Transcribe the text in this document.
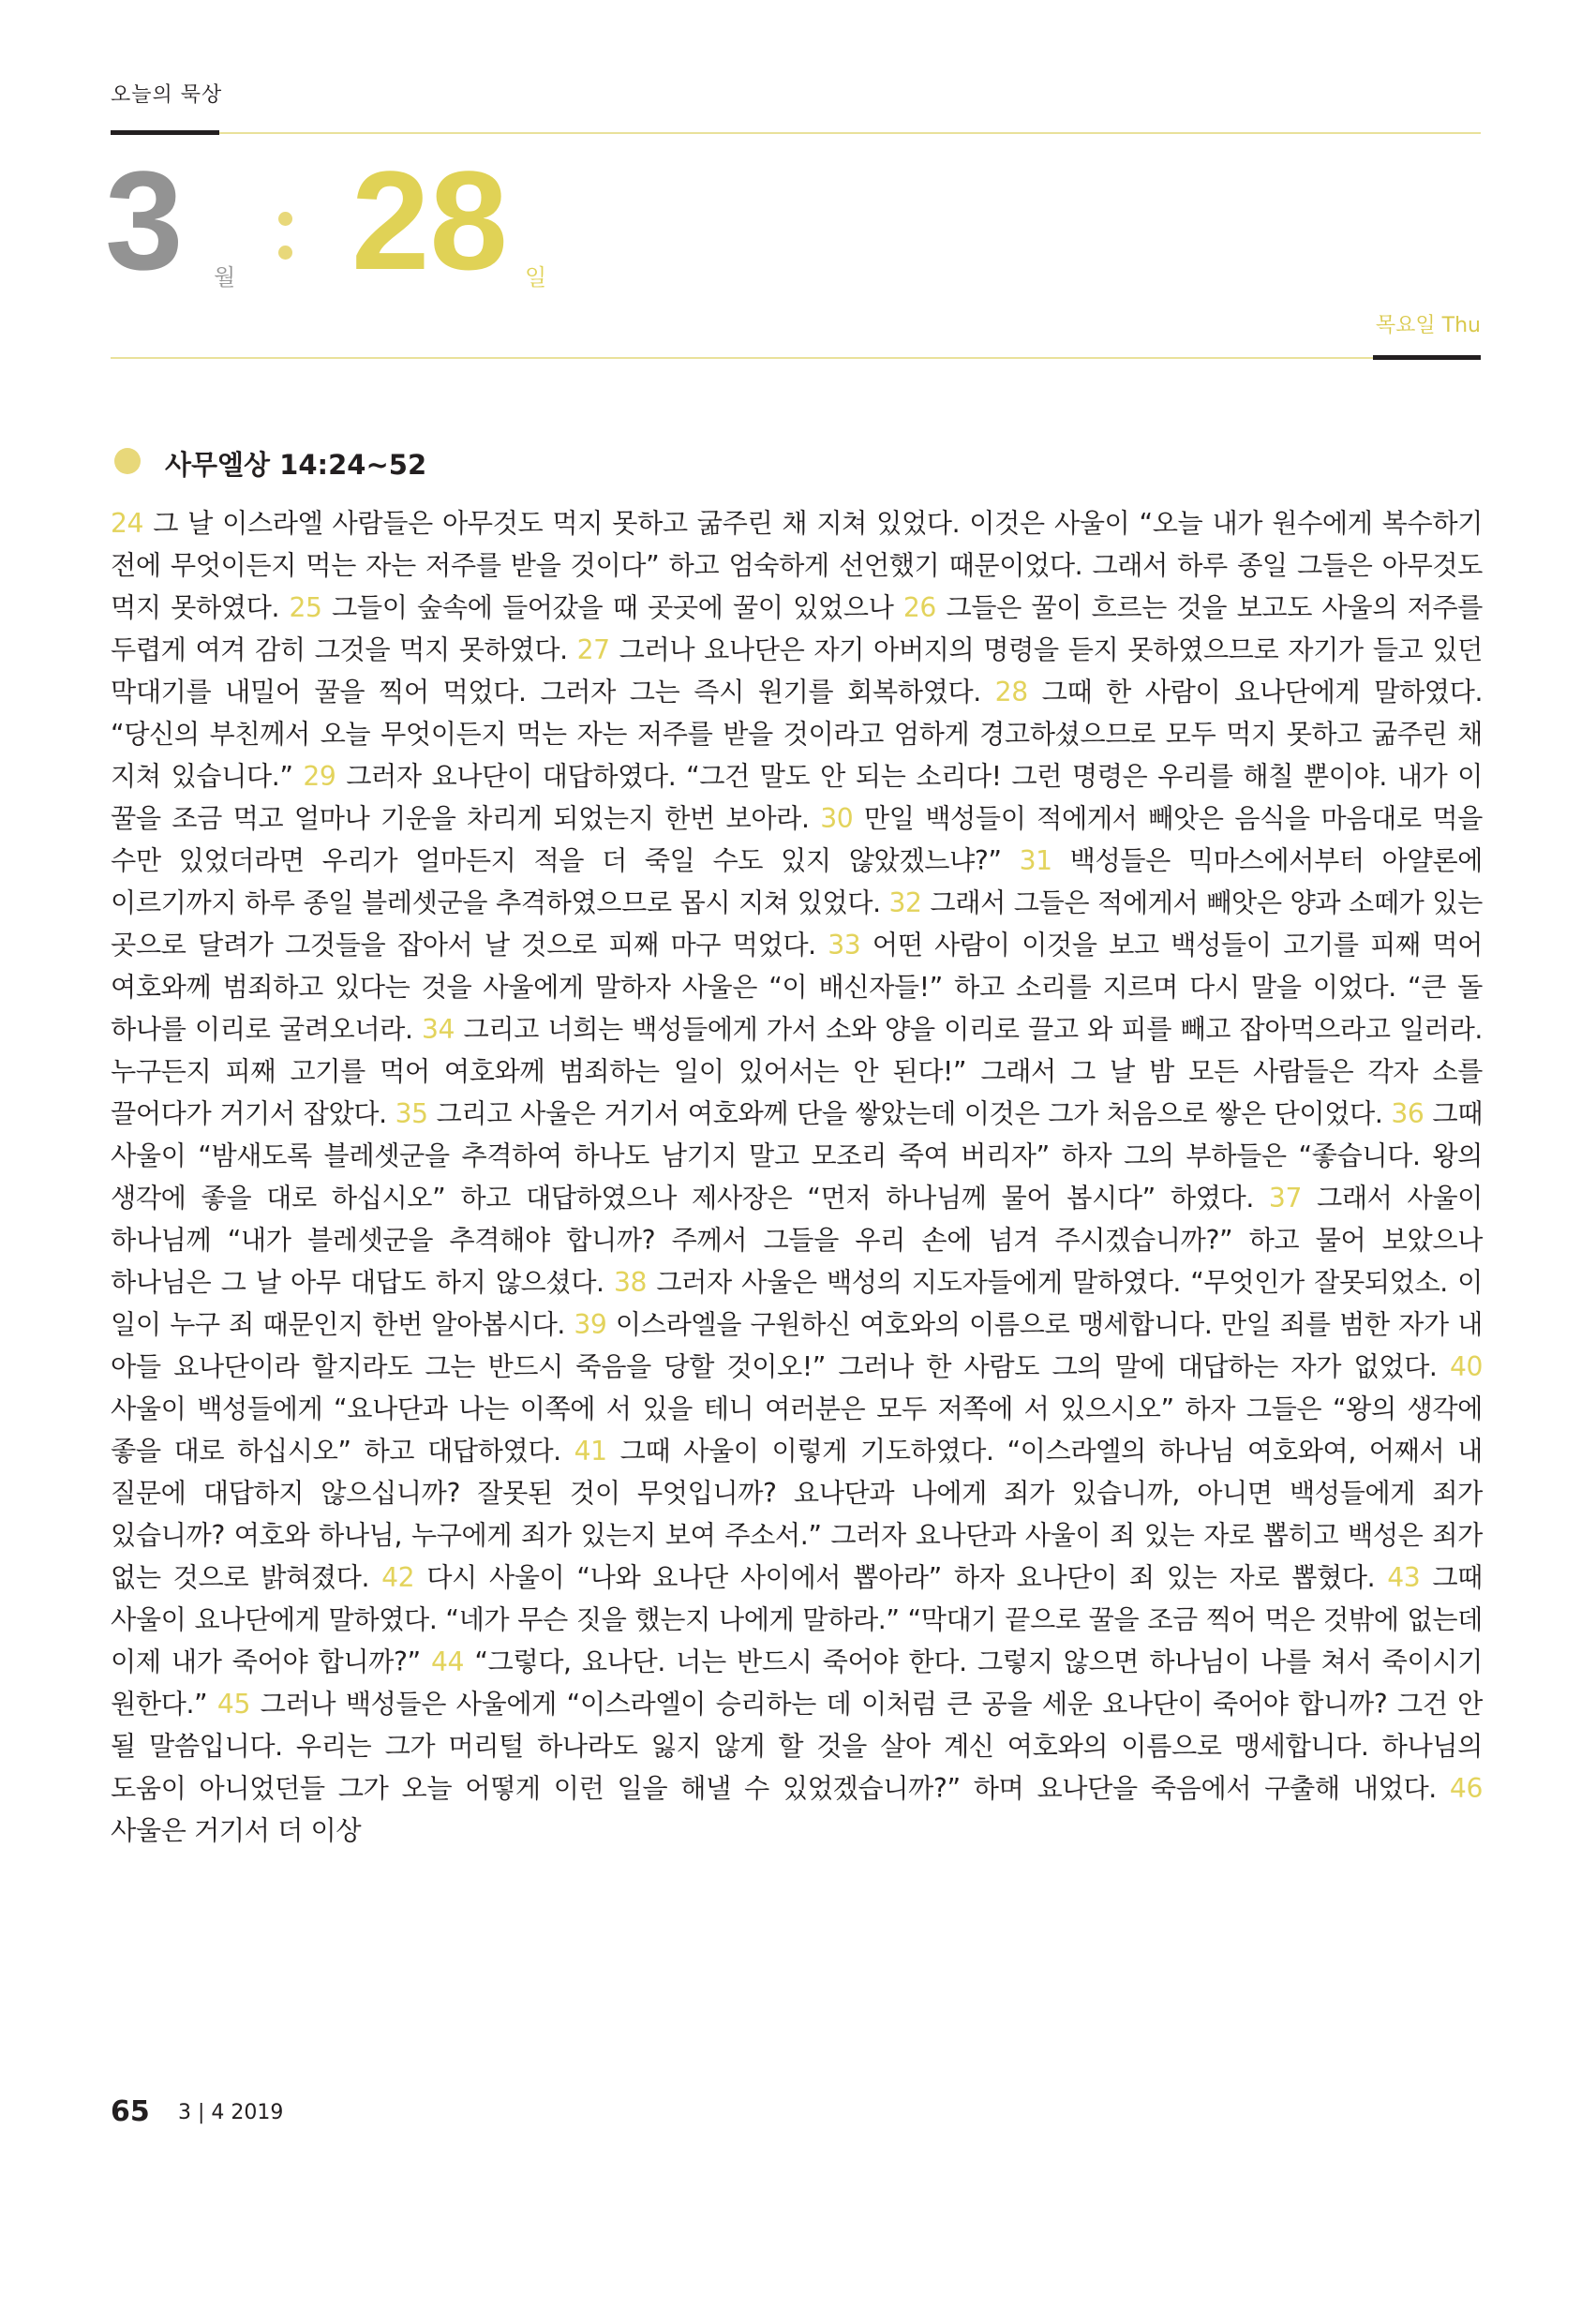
오늘의 묵상
3 월 28 일
목요일 Thu
사무엘상 14:24~52
24 그 날 이스라엘 사람들은 아무것도 먹지 못하고 굶주린 채 지쳐 있었다. 이것은 사울이 “오늘 내가 원수에게 복수하기 전에 무엇이든지 먹는 자는 저주를 받을 것이다” 하고 엄숙하게 선언했기 때문이었다. 그래서 하루 종일 그들은 아무것도 먹지 못하였다. 25 그들이 숲속에 들어갔을 때 곳곳에 꿀이 있었으나 26 그들은 꿀이 흐르는 것을 보고도 사울의 저주를 두렵게 여겨 감히 그것을 먹지 못하였다. 27 그러나 요나단은 자기 아버지의 명령을 듣지 못하였으므로 자기가 들고 있던 막대기를 내밀어 꿀을 찍어 먹었다. 그러자 그는 즉시 원기를 회복하였다. 28 그때 한 사람이 요나단에게 말하였다. “당신의 부친께서 오늘 무엇이든지 먹는 자는 저주를 받을 것이라고 엄하게 경고하셨으므로 모두 먹지 못하고 굶주린 채 지쳐 있습니다.” 29 그러자 요나단이 대답하였다. “그건 말도 안 되는 소리다! 그런 명령은 우리를 해칠 뿐이야. 내가 이 꿀을 조금 먹고 얼마나 기운을 차리게 되었는지 한번 보아라. 30 만일 백성들이 적에게서 빼앗은 음식을 마음대로 먹을 수만 있었더라면 우리가 얼마든지 적을 더 죽일 수도 있지 않았겠느냐?” 31 백성들은 믹마스에서부터 아얄론에 이르기까지 하루 종일 블레셋군을 추격하였으므로 몹시 지쳐 있었다. 32 그래서 그들은 적에게서 빼앗은 양과 소떼가 있는 곳으로 달려가 그것들을 잡아서 날 것으로 피째 마구 먹었다. 33 어떤 사람이 이것을 보고 백성들이 고기를 피째 먹어 여호와께 범죄하고 있다는 것을 사울에게 말하자 사울은 “이 배신자들!” 하고 소리를 지르며 다시 말을 이었다. “큰 돌 하나를 이리로 굴려오너라. 34 그리고 너희는 백성들에게 가서 소와 양을 이리로 끌고 와 피를 빼고 잡아먹으라고 일러라. 누구든지 피째 고기를 먹어 여호와께 범죄하는 일이 있어서는 안 된다!” 그래서 그 날 밤 모든 사람들은 각자 소를 끌어다가 거기서 잡았다. 35 그리고 사울은 거기서 여호와께 단을 쌓았는데 이것은 그가 처음으로 쌓은 단이었다. 36 그때 사울이 “밤새도록 블레셋군을 추격하여 하나도 남기지 말고 모조리 죽여 버리자” 하자 그의 부하들은 “좋습니다. 왕의 생각에 좋을 대로 하십시오” 하고 대답하였으나 제사장은 “먼저 하나님께 물어 봅시다” 하였다. 37 그래서 사울이 하나님께 “내가 블레셋군을 추격해야 합니까? 주께서 그들을 우리 손에 넘겨 주시겠습니까?” 하고 물어 보았으나 하나님은 그 날 아무 대답도 하지 않으셨다. 38 그러자 사울은 백성의 지도자들에게 말하였다. “무엇인가 잘못되었소. 이 일이 누구 죄 때문인지 한번 알아봅시다. 39 이스라엘을 구원하신 여호와의 이름으로 맹세합니다. 만일 죄를 범한 자가 내 아들 요나단이라 할지라도 그는 반드시 죽음을 당할 것이오!” 그러나 한 사람도 그의 말에 대답하는 자가 없었다. 40 사울이 백성들에게 “요나단과 나는 이쪽에 서 있을 테니 여러분은 모두 저쪽에 서 있으시오” 하자 그들은 “왕의 생각에 좋을 대로 하십시오” 하고 대답하였다. 41 그때 사울이 이렇게 기도하였다. “이스라엘의 하나님 여호와여, 어째서 내 질문에 대답하지 않으십니까? 잘못된 것이 무엇입니까? 요나단과 나에게 죄가 있습니까, 아니면 백성들에게 죄가 있습니까? 여호와 하나님, 누구에게 죄가 있는지 보여 주소서.” 그러자 요나단과 사울이 죄 있는 자로 뽑히고 백성은 죄가 없는 것으로 밝혀졌다. 42 다시 사울이 “나와 요나단 사이에서 뽑아라” 하자 요나단이 죄 있는 자로 뽑혔다. 43 그때 사울이 요나단에게 말하였다. “네가 무슨 짓을 했는지 나에게 말하라.” “막대기 끝으로 꿀을 조금 찍어 먹은 것밖에 없는데 이제 내가 죽어야 합니까?” 44 “그렇다, 요나단. 너는 반드시 죽어야 한다. 그렇지 않으면 하나님이 나를 쳐서 죽이시기 원한다.” 45 그러나 백성들은 사울에게 “이스라엘이 승리하는 데 이처럼 큰 공을 세운 요나단이 죽어야 합니까? 그건 안 될 말씀입니다. 우리는 그가 머리털 하나라도 잃지 않게 할 것을 살아 계신 여호와의 이름으로 맹세합니다. 하나님의 도움이 아니었던들 그가 오늘 어떻게 이런 일을 해낼 수 있었겠습니까?” 하며 요나단을 죽음에서 구출해 내었다. 46 사울은 거기서 더 이상
65 3 | 4 2019
